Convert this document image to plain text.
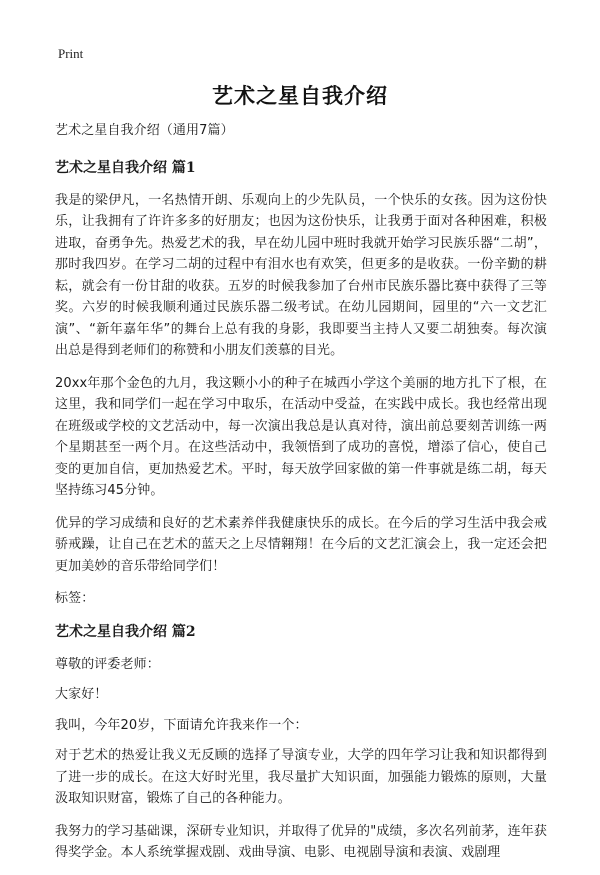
Print
艺术之星自我介绍

艺术之星自我介绍（通用7篇）

艺术之星自我介绍 篇1

我是的梁伊凡，一名热情开朗、乐观向上的少先队员，一个快乐的女孩。因为这份快乐，让我拥有了许许多多的好朋友；也因为这份快乐，让我勇于面对各种困难，积极进取，奋勇争先。热爱艺术的我，早在幼儿园中班时我就开始学习民族乐器“二胡”，那时我四岁。在学习二胡的过程中有泪水也有欢笑，但更多的是收获。一份辛勤的耕耘，就会有一份甘甜的收获。五岁的时候我参加了台州市民族乐器比赛中获得了三等奖。六岁的时候我顺利通过民族乐器二级考试。在幼儿园期间，园里的“六一文艺汇演”、“新年嘉年华”的舞台上总有我的身影，我即要当主持人又要二胡独奏。每次演出总是得到老师们的称赞和小朋友们羡慕的目光。

20xx年那个金色的九月，我这颗小小的种子在城西小学这个美丽的地方扎下了根，在这里，我和同学们一起在学习中取乐，在活动中受益，在实践中成长。我也经常出现在班级或学校的文艺活动中，每一次演出我总是认真对待，演出前总要刻苦训练一两个星期甚至一两个月。在这些活动中，我领悟到了成功的喜悦，增添了信心，使自己变的更加自信，更加热爱艺术。平时，每天放学回家做的第一件事就是练二胡，每天坚持练习45分钟。

优异的学习成绩和良好的艺术素养伴我健康快乐的成长。在今后的学习生活中我会戒骄戒躁，让自己在艺术的蓝天之上尽情翱翔！在今后的文艺汇演会上，我一定还会把更加美妙的音乐带给同学们！

标签：

艺术之星自我介绍 篇2

尊敬的评委老师：

大家好！

我叫，今年20岁，下面请允许我来作一个：

对于艺术的热爱让我义无反顾的选择了导演专业，大学的四年学习让我和知识都得到了进一步的成长。在这大好时光里，我尽量扩大知识面，加强能力锻炼的原则，大量汲取知识财富，锻炼了自己的各种能力。

我努力的学习基础课，深研专业知识，并取得了优异的"成绩，多次名列前茅，连年获得奖学金。本人系统掌握戏剧、戏曲导演、电影、电视剧导演和表演、戏剧理
